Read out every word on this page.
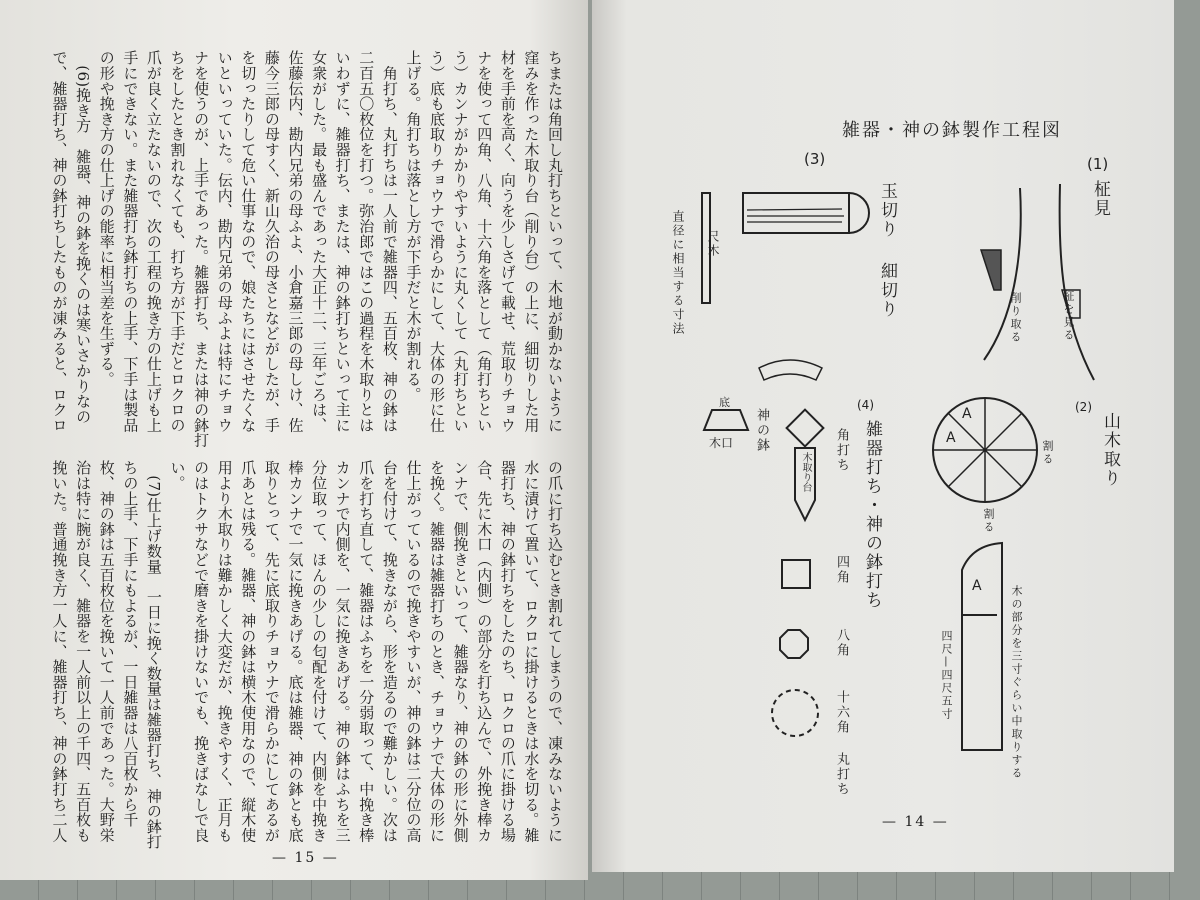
ちまたは角回し丸打ちといって、木地が動かないように
窪みを作った木取り台（削り台）の上に、細切りした用
材を手前を高く、向うを少しさげて載せ、荒取りチョウ
ナを使って四角、八角、十六角を落として（角打ちとい
う）カンナがかかりやすいように丸くして（丸打ちとい
う）底も底取りチョウナで滑らかにして、大体の形に仕
上げる。角打ちは落とし方が下手だと木が割れる。
　角打ち、丸打ちは一人前で雑器四、五百枚、神の鉢は
二百五〇枚位を打つ。弥治郎ではこの過程を木取りとは
いわずに、雑器打ち、または、神の鉢打ちといって主に
女衆がした。最も盛んであった大正十二、三年ごろは、
佐藤伝内、勘内兄弟の母ふよ、小倉嘉三郎の母しけ、佐
藤今三郎の母すく、新山久治の母さとなどがしたが、手
を切ったりして危い仕事なので、娘たちにはさせたくな
いといっていた。伝内、勘内兄弟の母ふよは特にチョウ
ナを使うのが、上手であった。雑器打ち、または神の鉢打
ちをしたとき割れなくても、打ち方が下手だとロクロの
爪が良く立たないので、次の工程の挽き方の仕上げも上
手にできない。また雑器打ち鉢打ちの上手、下手は製品
の形や挽き方の仕上げの能率に相当差を生ずる。
　(6)挽き方　雑器、神の鉢を挽くのは寒いさかりなの
で、雑器打ち、神の鉢打ちしたものが凍みると、ロクロ
の爪に打ち込むとき割れてしまうので、凍みないように
水に漬けて置いて、ロクロに掛けるときは水を切る。雑
器打ち、神の鉢打ちをしたのち、ロクロの爪に掛ける場
合、先に木口（内側）の部分を打ち込んで、外挽き棒カ
ンナで、側挽きといって、雑器なり、神の鉢の形に外側
を挽く。雑器は雑器打ちのとき、チョウナで大体の形に
仕上がっているので挽きやすいが、神の鉢は二分位の高
台を付けて、挽きながら、形を造るので難かしい。次は
爪を打ち直して、雑器はふちを一分弱取って、中挽き棒
カンナで内側を、一気に挽きあげる。神の鉢はふちを三
分位取って、ほんの少しの匂配を付けて、内側を中挽き
棒カンナで一気に挽きあげる。底は雑器、神の鉢とも底
取りとって、先に底取りチョウナで滑らかにしてあるが
爪あとは残る。雑器、神の鉢は横木使用なので、縦木使
用より木取りは難かしく大変だが、挽きやすく、正月も
のはトクサなどで磨きを掛けないでも、挽きばなしで良
い。
　(7)仕上げ数量　一日に挽く数量は雑器打ち、神の鉢打
ちの上手、下手にもよるが、一日雑器は八百枚から千
枚、神の鉢は五百枚位を挽いて一人前であった。大野栄
治は特に腕が良く、雑器を一人前以上の千四、五百枚も
挽いた。普通挽き方一人に、雑器打ち、神の鉢打ち二人
— 15 —
雑器・神の鉢製作工程図
(1)
柾見
削り取る	柾を見る
(3)
玉切り
細切り
尺木
直径に相当する寸法
(2)
山木取り
割る
割る
A
A
A
四尺—四尺五寸	木の部分を三寸ぐらい中取りする
(4)
雑器打ち・神の鉢打ち
底
木口 神の鉢
木取り台 角打ち
四角
八角
十六角
丸打ち
— 14 —
